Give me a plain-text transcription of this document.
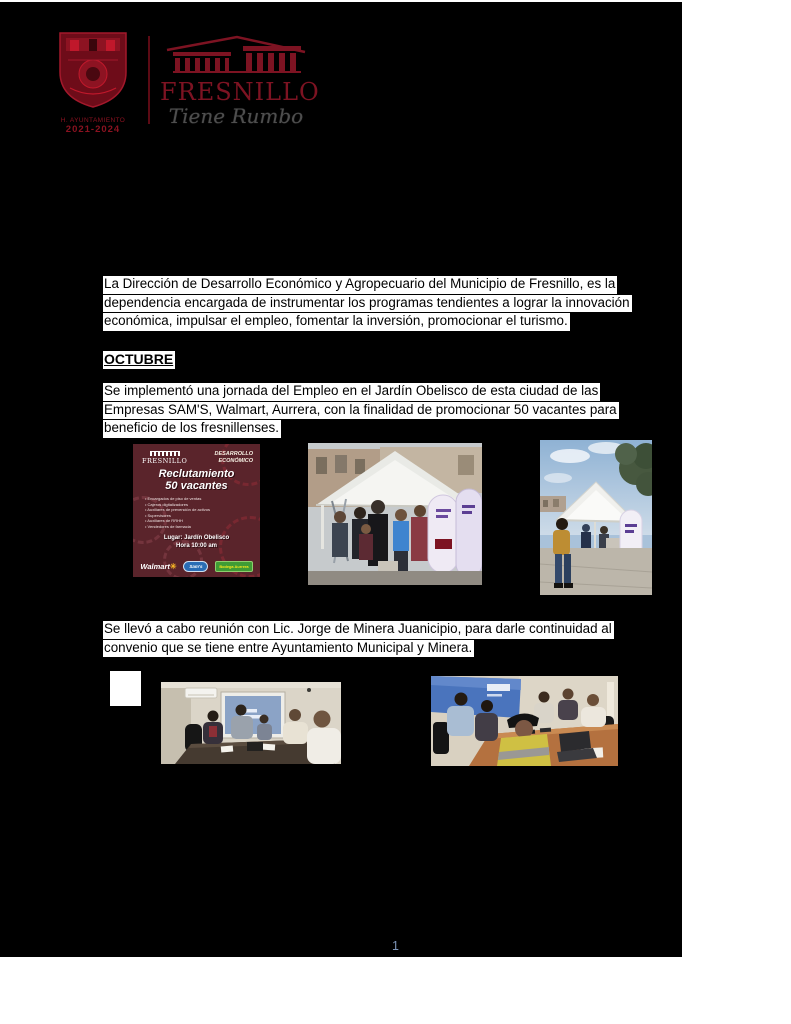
H. AYUNTAMIENTO
2021-2024
FRESNILLO
Tiene Rumbo
La Dirección de Desarrollo Económico y Agropecuario del Municipio de Fresnillo, es la
dependencia encargada de instrumentar los programas tendientes a lograr la innovación
económica, impulsar el empleo, fomentar la inversión, promocionar el turismo.
OCTUBRE
Se implementó una jornada del Empleo en el Jardín Obelisco de esta ciudad de las
Empresas SAM'S, Walmart, Aurrera, con la finalidad de promocionar 50 vacantes para
beneficio de los fresnillenses.
FRESNILLO
DESARROLLO
ECONÓMICO
Reclutamiento
50 vacantes
• Encargados de piso de ventas
• Cajeros digitalizadores
• Auxiliares de prevención de activos
• Supervisores
• Auxiliares de RRHH
• Vendedores de farmacia
Lugar: Jardín Obelisco
Hora 10:00 am
Walmart✳	Sam's	Bodega Aurrera
Se llevó a cabo reunión con Lic. Jorge de Minera Juanicipio, para darle continuidad al
convenio que se tiene entre Ayuntamiento Municipal y Minera.
1
